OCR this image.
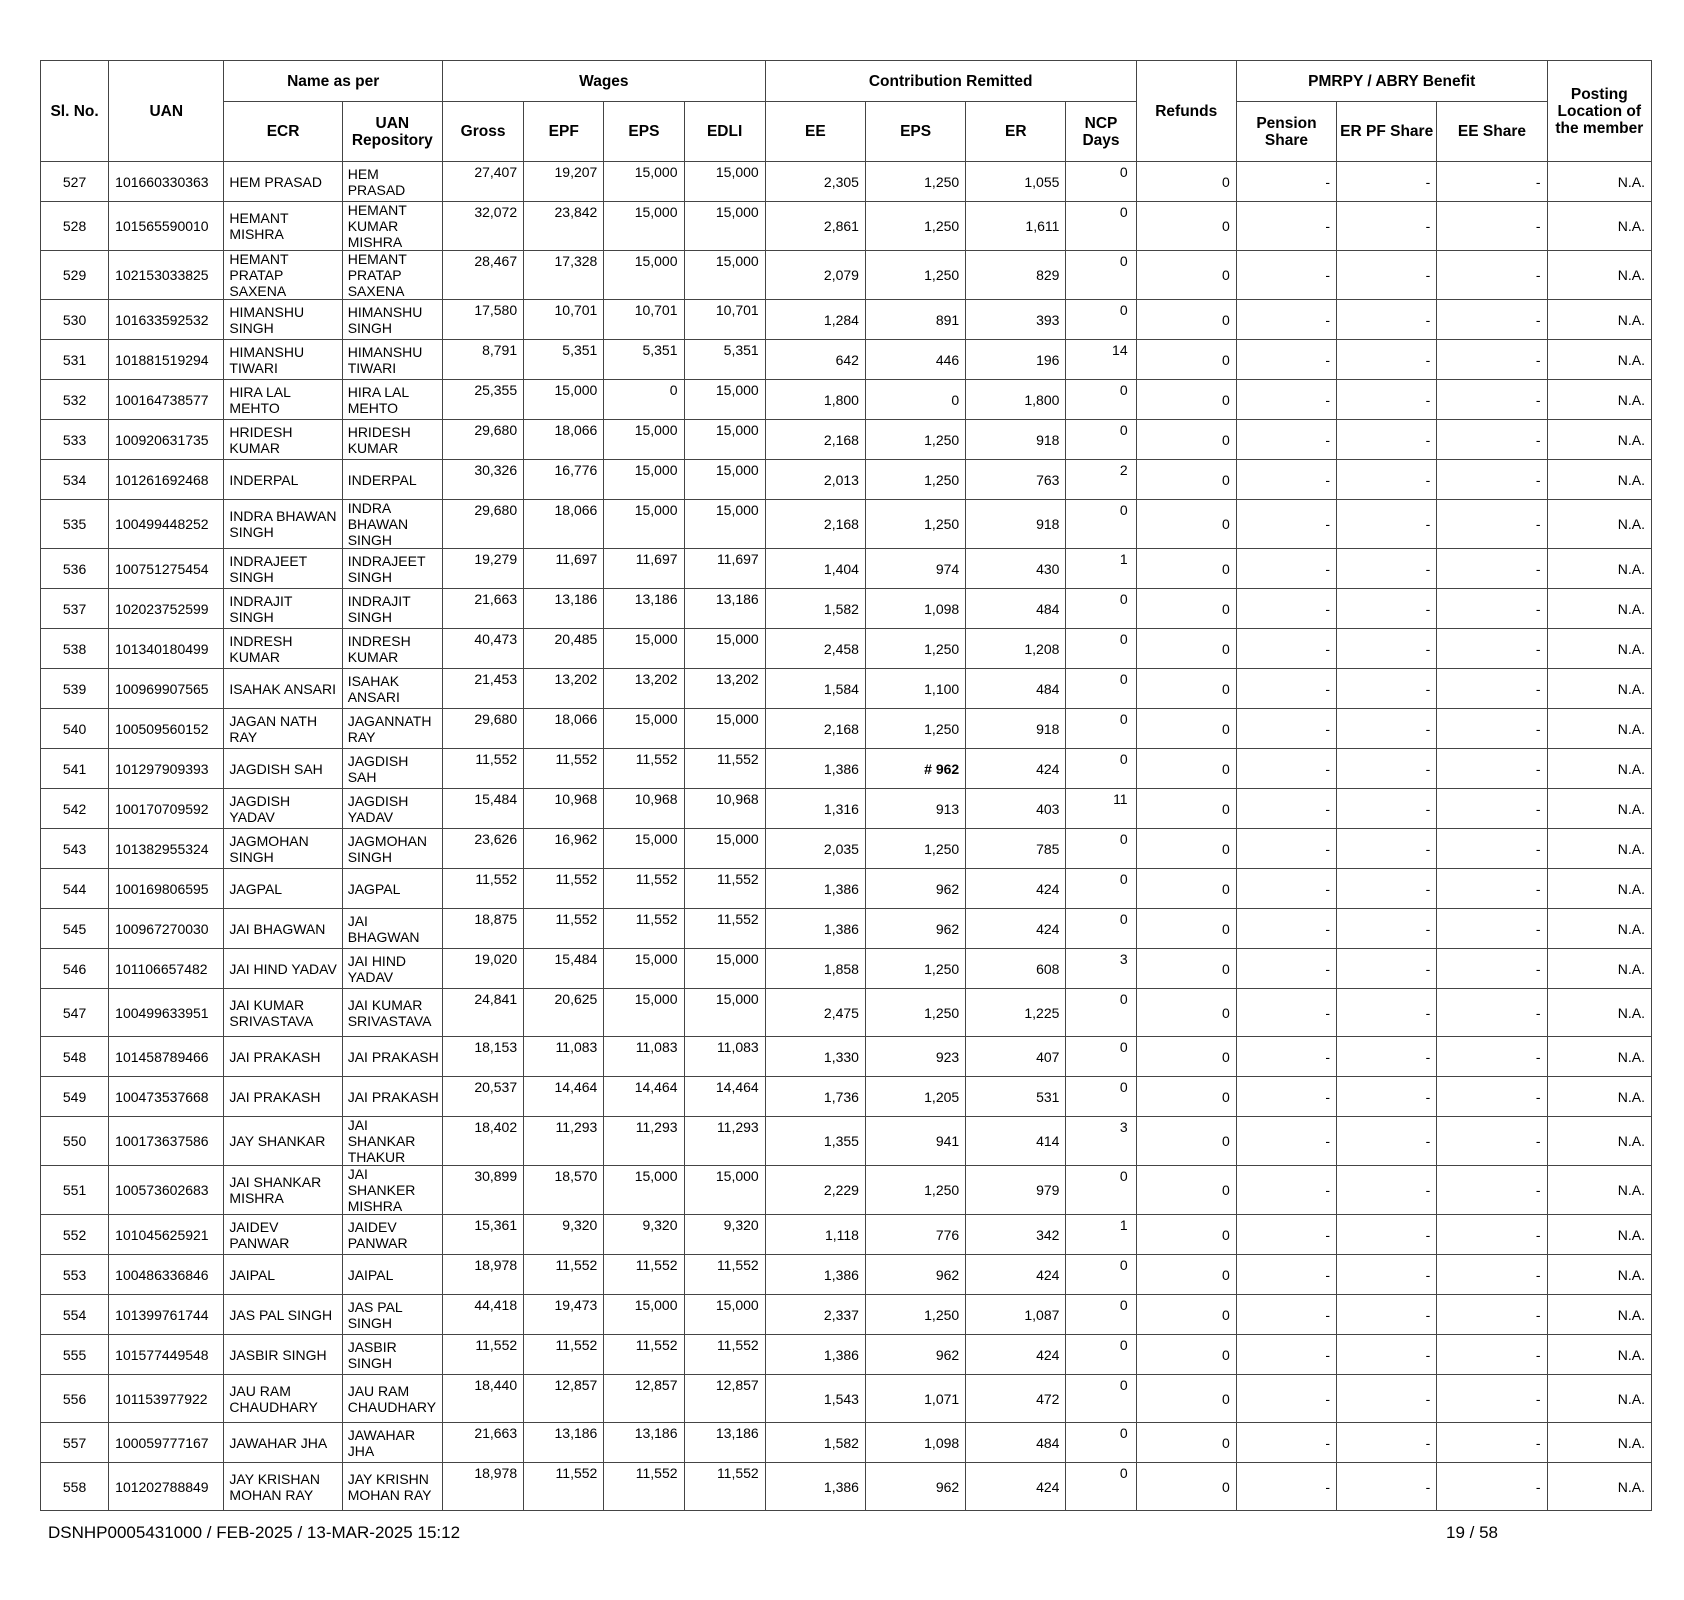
Sl. No.	UAN	Name as per		Wages				Contribution Remitted				Refunds	PMRPY / ABRY Benefit			Posting Location of the member
		ECR	UAN Repository	Gross	EPF	EPS	EDLI	EE	EPS	ER	NCP Days		Pension Share	ER PF Share	EE Share	
527	101660330363	HEM PRASAD	HEM PRASAD	27,407	19,207	15,000	15,000	2,305	1,250	1,055	0	0	-	-	-	N.A.
528	101565590010	HEMANT MISHRA	HEMANT KUMAR MISHRA	32,072	23,842	15,000	15,000	2,861	1,250	1,611	0	0	-	-	-	N.A.
529	102153033825	HEMANT PRATAP SAXENA	HEMANT PRATAP SAXENA	28,467	17,328	15,000	15,000	2,079	1,250	829	0	0	-	-	-	N.A.
530	101633592532	HIMANSHU SINGH	HIMANSHU SINGH	17,580	10,701	10,701	10,701	1,284	891	393	0	0	-	-	-	N.A.
531	101881519294	HIMANSHU TIWARI	HIMANSHU TIWARI	8,791	5,351	5,351	5,351	642	446	196	14	0	-	-	-	N.A.
532	100164738577	HIRA LAL MEHTO	HIRA LAL MEHTO	25,355	15,000	0	15,000	1,800	0	1,800	0	0	-	-	-	N.A.
533	100920631735	HRIDESH KUMAR	HRIDESH KUMAR	29,680	18,066	15,000	15,000	2,168	1,250	918	0	0	-	-	-	N.A.
534	101261692468	INDERPAL	INDERPAL	30,326	16,776	15,000	15,000	2,013	1,250	763	2	0	-	-	-	N.A.
535	100499448252	INDRA BHAWAN SINGH	INDRA BHAWAN SINGH	29,680	18,066	15,000	15,000	2,168	1,250	918	0	0	-	-	-	N.A.
536	100751275454	INDRAJEET SINGH	INDRAJEET SINGH	19,279	11,697	11,697	11,697	1,404	974	430	1	0	-	-	-	N.A.
537	102023752599	INDRAJIT SINGH	INDRAJIT SINGH	21,663	13,186	13,186	13,186	1,582	1,098	484	0	0	-	-	-	N.A.
538	101340180499	INDRESH KUMAR	INDRESH KUMAR	40,473	20,485	15,000	15,000	2,458	1,250	1,208	0	0	-	-	-	N.A.
539	100969907565	ISAHAK ANSARI	ISAHAK ANSARI	21,453	13,202	13,202	13,202	1,584	1,100	484	0	0	-	-	-	N.A.
540	100509560152	JAGAN NATH RAY	JAGANNATH RAY	29,680	18,066	15,000	15,000	2,168	1,250	918	0	0	-	-	-	N.A.
541	101297909393	JAGDISH SAH	JAGDISH SAH	11,552	11,552	11,552	11,552	1,386	# 962	424	0	0	-	-	-	N.A.
542	100170709592	JAGDISH YADAV	JAGDISH YADAV	15,484	10,968	10,968	10,968	1,316	913	403	11	0	-	-	-	N.A.
543	101382955324	JAGMOHAN SINGH	JAGMOHAN SINGH	23,626	16,962	15,000	15,000	2,035	1,250	785	0	0	-	-	-	N.A.
544	100169806595	JAGPAL	JAGPAL	11,552	11,552	11,552	11,552	1,386	962	424	0	0	-	-	-	N.A.
545	100967270030	JAI BHAGWAN	JAI BHAGWAN	18,875	11,552	11,552	11,552	1,386	962	424	0	0	-	-	-	N.A.
546	101106657482	JAI HIND YADAV	JAI HIND YADAV	19,020	15,484	15,000	15,000	1,858	1,250	608	3	0	-	-	-	N.A.
547	100499633951	JAI KUMAR SRIVASTAVA	JAI KUMAR SRIVASTAVA	24,841	20,625	15,000	15,000	2,475	1,250	1,225	0	0	-	-	-	N.A.
548	101458789466	JAI PRAKASH	JAI PRAKASH	18,153	11,083	11,083	11,083	1,330	923	407	0	0	-	-	-	N.A.
549	100473537668	JAI PRAKASH	JAI PRAKASH	20,537	14,464	14,464	14,464	1,736	1,205	531	0	0	-	-	-	N.A.
550	100173637586	JAY SHANKAR	JAI SHANKAR THAKUR	18,402	11,293	11,293	11,293	1,355	941	414	3	0	-	-	-	N.A.
551	100573602683	JAI SHANKAR MISHRA	JAI SHANKER MISHRA	30,899	18,570	15,000	15,000	2,229	1,250	979	0	0	-	-	-	N.A.
552	101045625921	JAIDEV PANWAR	JAIDEV PANWAR	15,361	9,320	9,320	9,320	1,118	776	342	1	0	-	-	-	N.A.
553	100486336846	JAIPAL	JAIPAL	18,978	11,552	11,552	11,552	1,386	962	424	0	0	-	-	-	N.A.
554	101399761744	JAS PAL SINGH	JAS PAL SINGH	44,418	19,473	15,000	15,000	2,337	1,250	1,087	0	0	-	-	-	N.A.
555	101577449548	JASBIR SINGH	JASBIR SINGH	11,552	11,552	11,552	11,552	1,386	962	424	0	0	-	-	-	N.A.
556	101153977922	JAU RAM CHAUDHARY	JAU RAM CHAUDHARY	18,440	12,857	12,857	12,857	1,543	1,071	472	0	0	-	-	-	N.A.
557	100059777167	JAWAHAR JHA	JAWAHAR JHA	21,663	13,186	13,186	13,186	1,582	1,098	484	0	0	-	-	-	N.A.
558	101202788849	JAY KRISHAN MOHAN RAY	JAY KRISHN MOHAN RAY	18,978	11,552	11,552	11,552	1,386	962	424	0	0	-	-	-	N.A.
DSNHP0005431000 / FEB-2025 / 13-MAR-2025 15:12	19 / 58
